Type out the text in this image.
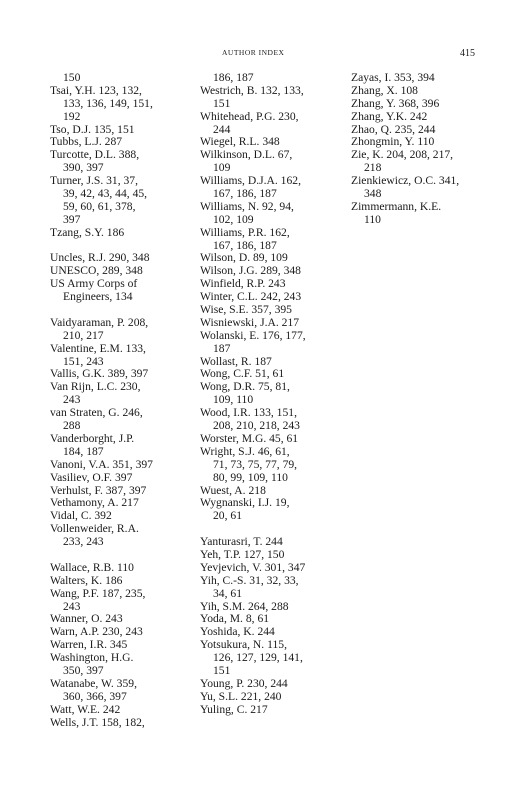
AUTHOR INDEX	415
150
Tsai, Y.H. 123, 132,
133, 136, 149, 151,
192
Tso, D.J. 135, 151
Tubbs, L.J. 287
Turcotte, D.L. 388,
390, 397
Turner, J.S. 31, 37,
39, 42, 43, 44, 45,
59, 60, 61, 378,
397
Tzang, S.Y. 186
Uncles, R.J. 290, 348
UNESCO, 289, 348
US Army Corps of
Engineers, 134
Vaidyaraman, P. 208,
210, 217
Valentine, E.M. 133,
151, 243
Vallis, G.K. 389, 397
Van Rijn, L.C. 230,
243
van Straten, G. 246,
288
Vanderborght, J.P.
184, 187
Vanoni, V.A. 351, 397
Vasiliev, O.F. 397
Verhulst, F. 387, 397
Vethamony, A. 217
Vidal, C. 392
Vollenweider, R.A.
233, 243
Wallace, R.B. 110
Walters, K. 186
Wang, P.F. 187, 235,
243
Wanner, O. 243
Warn, A.P. 230, 243
Warren, I.R. 345
Washington, H.G.
350, 397
Watanabe, W. 359,
360, 366, 397
Watt, W.E. 242
Wells, J.T. 158, 182,
186, 187
Westrich, B. 132, 133,
151
Whitehead, P.G. 230,
244
Wiegel, R.L. 348
Wilkinson, D.L. 67,
109
Williams, D.J.A. 162,
167, 186, 187
Williams, N. 92, 94,
102, 109
Williams, P.R. 162,
167, 186, 187
Wilson, D. 89, 109
Wilson, J.G. 289, 348
Winfield, R.P. 243
Winter, C.L. 242, 243
Wise, S.E. 357, 395
Wisniewski, J.A. 217
Wolanski, E. 176, 177,
187
Wollast, R. 187
Wong, C.F. 51, 61
Wong, D.R. 75, 81,
109, 110
Wood, I.R. 133, 151,
208, 210, 218, 243
Worster, M.G. 45, 61
Wright, S.J. 46, 61,
71, 73, 75, 77, 79,
80, 99, 109, 110
Wuest, A. 218
Wygnanski, I.J. 19,
20, 61
Yanturasri, T. 244
Yeh, T.P. 127, 150
Yevjevich, V. 301, 347
Yih, C.-S. 31, 32, 33,
34, 61
Yih, S.M. 264, 288
Yoda, M. 8, 61
Yoshida, K. 244
Yotsukura, N. 115,
126, 127, 129, 141,
151
Young, P. 230, 244
Yu, S.L. 221, 240
Yuling, C. 217
Zayas, I. 353, 394
Zhang, X. 108
Zhang, Y. 368, 396
Zhang, Y.K. 242
Zhao, Q. 235, 244
Zhongmin, Y. 110
Zie, K. 204, 208, 217,
218
Zienkiewicz, O.C. 341,
348
Zimmermann, K.E.
110
